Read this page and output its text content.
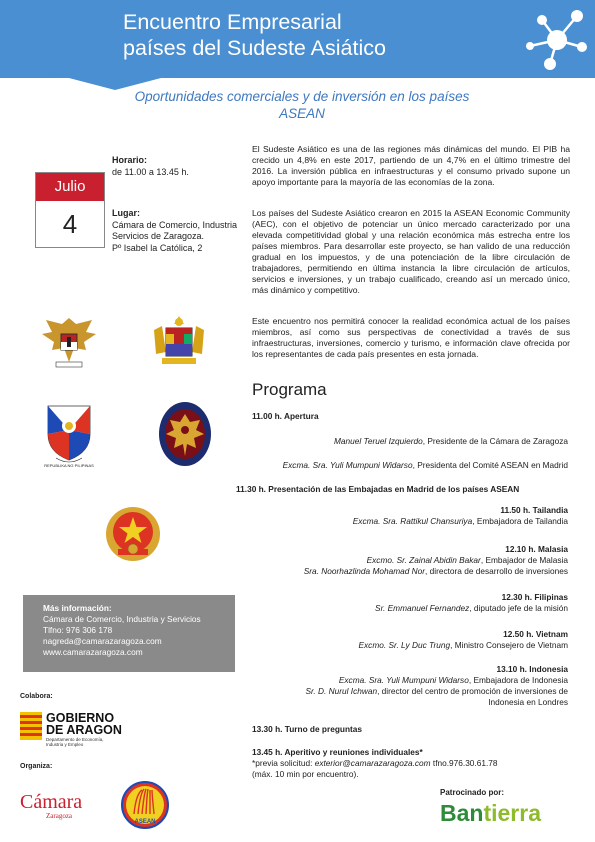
Encuentro Empresarial
países del Sudeste Asiático
Oportunidades comerciales y de inversión en los países
ASEAN
Julio
4
Horario:
de 11.00 a 13.45 h.
Lugar:
Cámara de Comercio, Industria
Servicios de Zaragoza.
Pº Isabel la Católica, 2
El Sudeste Asiático es una de las regiones más dinámicas del mundo. El PIB ha crecido un 4,8% en este 2017, partiendo de un 4,7% en el último trimestre del 2016. La inversión pública en infraestructuras y el consumo privado supone un apoyo importante para la mayoría de las economías de la zona.
Los países del Sudeste Asiático crearon en 2015 la ASEAN Economic Community (AEC), con el objetivo de potenciar un único mercado caracterizado por una elevada competitividad global y una relación económica más estrecha entre los países miembros. Para desarrollar este proyecto, se han valido de una reducción gradual en los impuestos, y de una potenciación de la libre circulación de trabajadores, permitiendo en última instancia la libre circulación de artículos, servicios e inversiones, y un trabajo cualificado, creando así un mercado único, más dinámico y competitivo.
Este encuentro nos permitirá conocer la realidad económica actual de los países miembros, así como sus perspectivas de conectividad a través de sus infraestructuras, inversiones, comercio y turismo, e información clave ofrecida por los representantes de cada país presentes en esta jornada.
REPUBLIKA NG PILIPINAS
Programa
11.00 h. Apertura
Manuel Teruel Izquierdo, Presidente de la Cámara de Zaragoza
Excma. Sra. Yuli Mumpuni Widarso, Presidenta del Comité ASEAN en Madrid
11.30 h. Presentación de las Embajadas en Madrid de los países ASEAN
11.50 h. Tailandia
Excma. Sra. Rattikul Chansuriya, Embajadora de Tailandia
12.10 h. Malasia
Excmo. Sr. Zainal Abidin Bakar, Embajador de Malasia
Sra. Noorhazlinda Mohamad Nor, directora de desarrollo de inversiones
12.30 h. Filipinas
Sr. Emmanuel Fernandez, diputado jefe de la misión
12.50 h. Vietnam
Excmo. Sr. Ly Duc Trung, Ministro Consejero de Vietnam
13.10 h. Indonesia
Excma. Sra. Yuli Mumpuni Widarso, Embajadora de Indonesia
Sr. D. Nurul Ichwan, director del centro de promoción de inversiones de
Indonesia en Londres
13.30 h. Turno de preguntas
13.45 h. Aperitivo y reuniones individuales*
*previa solicitud: exterior@camarazaragoza.com tfno.976.30.61.78
(máx. 10 min por encuentro).
Más información:
Cámara de Comercio, Industria y Servicios
Tlfno: 976 306 178
nagreda@camarazaragoza.com
www.camarazaragoza.com
Colabora:
GOBIERNO
DE ARAGON
Departamento de Economía,
Industria y Empleo
Organiza:
Cámara
Zaragoza
ASEAN
Patrocinado por:
Bantierra
